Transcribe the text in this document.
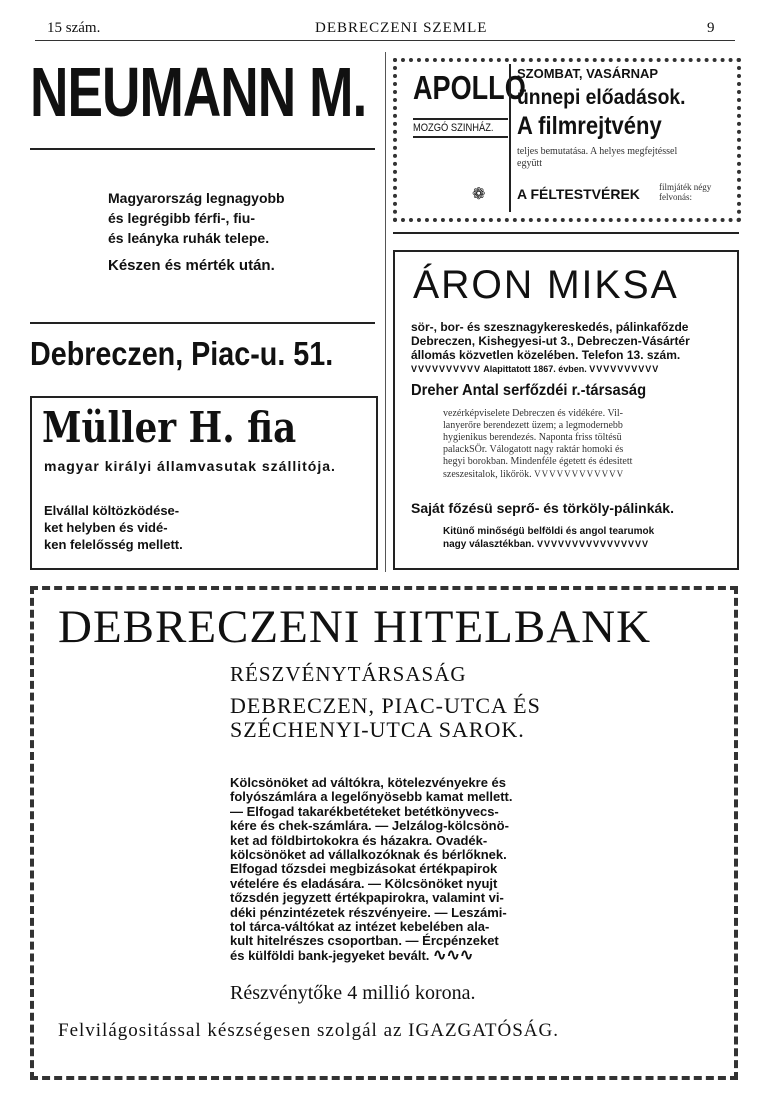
15 szám.	DEBRECZENI SZEMLE	9
NEUMANN M.
Magyarország legnagyobb
és legrégibb férfi-, fiu-
és leányka ruhák telepe.
Készen és mérték után.
Debreczen, Piac-u. 51.
Müller H. fia
magyar királyi államvasutak szállitója.
Elvállal költözködése-
ket helyben és vidé-
ken felelősség mellett.
APOLLO
MOZGÓ SZINHÁZ.
❁
SZOMBAT, VASÁRNAP
ünnepi előadások.
A filmrejtvény
teljes bemutatása. A helyes megfejtéssel
együtt
A FÉLTESTVÉREK filmjáték négy
felvonás:
ÁRON MIKSA
sör-, bor- és szesznagykereskedés, pálinkafőzde
Debreczen, Kishegyesi-ut 3., Debreczen-Vásártér
állomás közvetlen közelében. Telefon 13. szám.
VVVVVVVVVV Alapittatott 1867. évben. VVVVVVVVVV
Dreher Antal serfőzdéi r.-társaság
vezérképviselete Debreczen és vidékére. Vil-
lanyerőre berendezett üzem; a legmodernebb
hygienikus berendezés. Naponta friss töltésü
palackSÖr. Válogatott nagy raktár homoki és
hegyi borokban. Mindenféle égetett és édesitett
szeszesitalok, likőrök. VVVVVVVVVVVV
Saját főzésü seprő- és törköly-pálinkák.
Kitünő minőségü belföldi és angol tearumok
nagy választékban. VVVVVVVVVVVVVVVV
DEBRECZENI HITELBANK
RÉSZVÉNYTÁRSASÁG
DEBRECZEN, PIAC-UTCA ÉS
SZÉCHENYI-UTCA SAROK.
Kölcsönöket ad váltókra, kötelezvényekre és
folyószámlára a legelőnyösebb kamat mellett.
— Elfogad takarékbetéteket betétkönyvecs-
kére és chek-számlára. — Jelzálog-kölcsönö-
ket ad földbirtokokra és házakra. Ovadék-
kölcsönöket ad vállalkozóknak és bérlőknek.
Elfogad tőzsdei megbizásokat értékpapirok
vételére és eladására. — Kölcsönöket nyujt
tőzsdén jegyzett értékpapirokra, valamint vi-
déki pénzintézetek részvényeire. — Leszámi-
tol tárca-váltókat az intézet kebelében ala-
kult hitelrészes csoportban. — Ércpénzeket
és külföldi bank-jegyeket bevált. ∿∿∿
Részvénytőke 4 millió korona.
Felvilágositással készségesen szolgál az IGAZGATÓSÁG.
